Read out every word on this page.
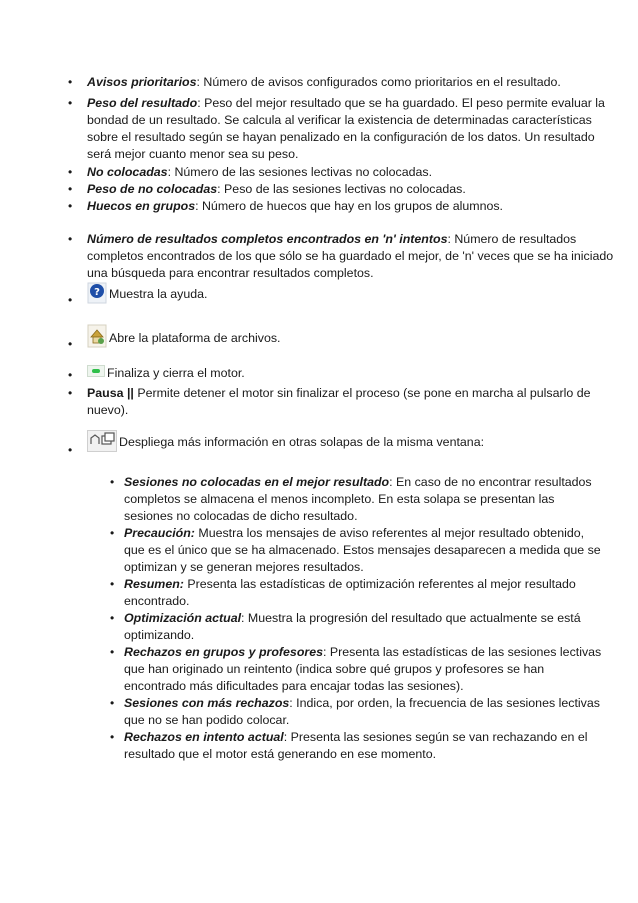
• Avisos prioritarios: Número de avisos configurados como prioritarios en el resultado.
• Peso del resultado: Peso del mejor resultado que se ha guardado. El peso permite evaluar la bondad de un resultado. Se calcula al verificar la existencia de determinadas características sobre el resultado según se hayan penalizado en la configuración de los datos. Un resultado será mejor cuanto menor sea su peso.
• No colocadas: Número de las sesiones lectivas no colocadas.
• Peso de no colocadas: Peso de las sesiones lectivas no colocadas.
• Huecos en grupos: Número de huecos que hay en los grupos de alumnos.
• Número de resultados completos encontrados en 'n' intentos: Número de resultados completos encontrados de los que sólo se ha guardado el mejor, de 'n' veces que se ha iniciado una búsqueda para encontrar resultados completos.
•
? Muestra la ayuda.
•	Abre la plataforma de archivos.
•	Finaliza y cierra el motor.
• Pausa || Permite detener el motor sin finalizar el proceso (se pone en marcha al pulsarlo de nuevo).
•
Despliega más información en otras solapas de la misma ventana:
• Sesiones no colocadas en el mejor resultado: En caso de no encontrar resultados completos se almacena el menos incompleto. En esta solapa se presentan las sesiones no colocadas de dicho resultado.
• Precaución: Muestra los mensajes de aviso referentes al mejor resultado obtenido, que es el único que se ha almacenado. Estos mensajes desaparecen a medida que se optimizan y se generan mejores resultados.
• Resumen: Presenta las estadísticas de optimización referentes al mejor resultado encontrado.
• Optimización actual: Muestra la progresión del resultado que actualmente se está optimizando.
• Rechazos en grupos y profesores: Presenta las estadísticas de las sesiones lectivas que han originado un reintento (indica sobre qué grupos y profesores se han encontrado más dificultades para encajar todas las sesiones).
• Sesiones con más rechazos: Indica, por orden, la frecuencia de las sesiones lectivas que no se han podido colocar.
• Rechazos en intento actual: Presenta las sesiones según se van rechazando en el resultado que el motor está generando en ese momento.
